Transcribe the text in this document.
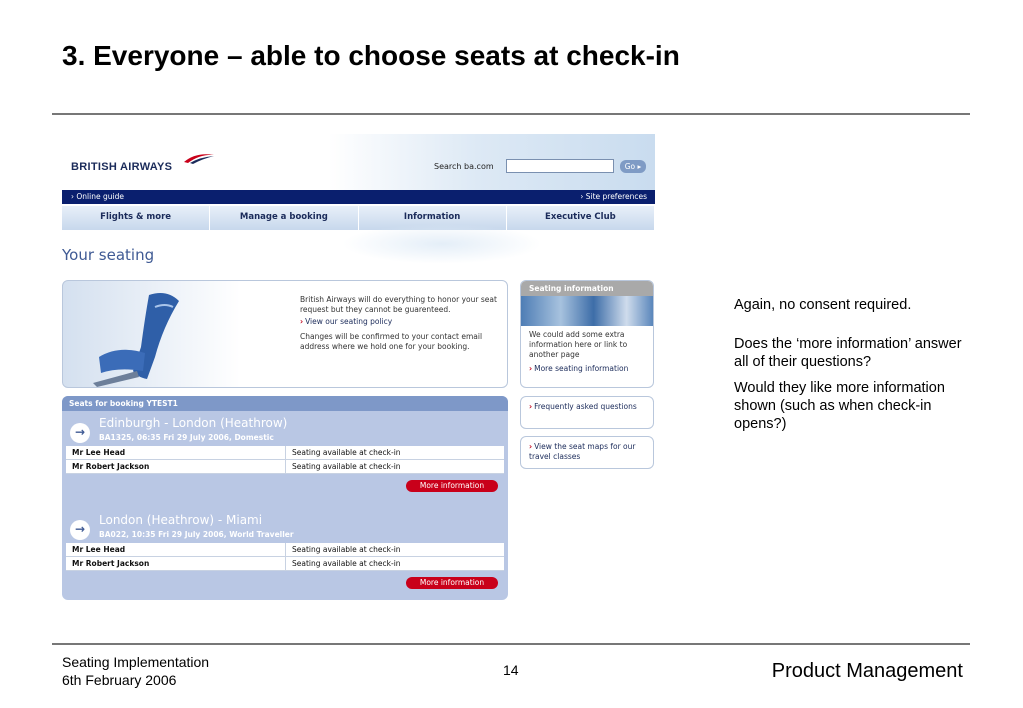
3. Everyone – able to choose seats at check-in
BRITISH AIRWAYS	Search ba.com	Go ▸
› Online guide	› Site preferences
Flights & more	Manage a booking	Information	Executive Club
Your seating
British Airways will do everything to honor your seat request but they cannot be guarenteed.
› View our seating policy
Changes will be confirmed to your contact email address where we hold one for your booking.
Seating information
We could add some extra information here or link to another page
› More seating information
› Frequently asked questions
› View the seat maps for our travel classes
Seats for booking YTEST1
→
Edinburgh - London (Heathrow)
BA1325, 06:35 Fri 29 July 2006, Domestic
Mr Lee Head	Seating available at check-in
Mr Robert Jackson	Seating available at check-in
More information
→
London (Heathrow) - Miami
BA022, 10:35 Fri 29 July 2006, World Traveller
Mr Lee Head	Seating available at check-in
Mr Robert Jackson	Seating available at check-in
More information

Again, no consent required.

Does the ‘more information’ answer all of their questions?

Would they like more information shown (such as when check-in opens?)

Seating Implementation
6th February 2006
14	Product Management
